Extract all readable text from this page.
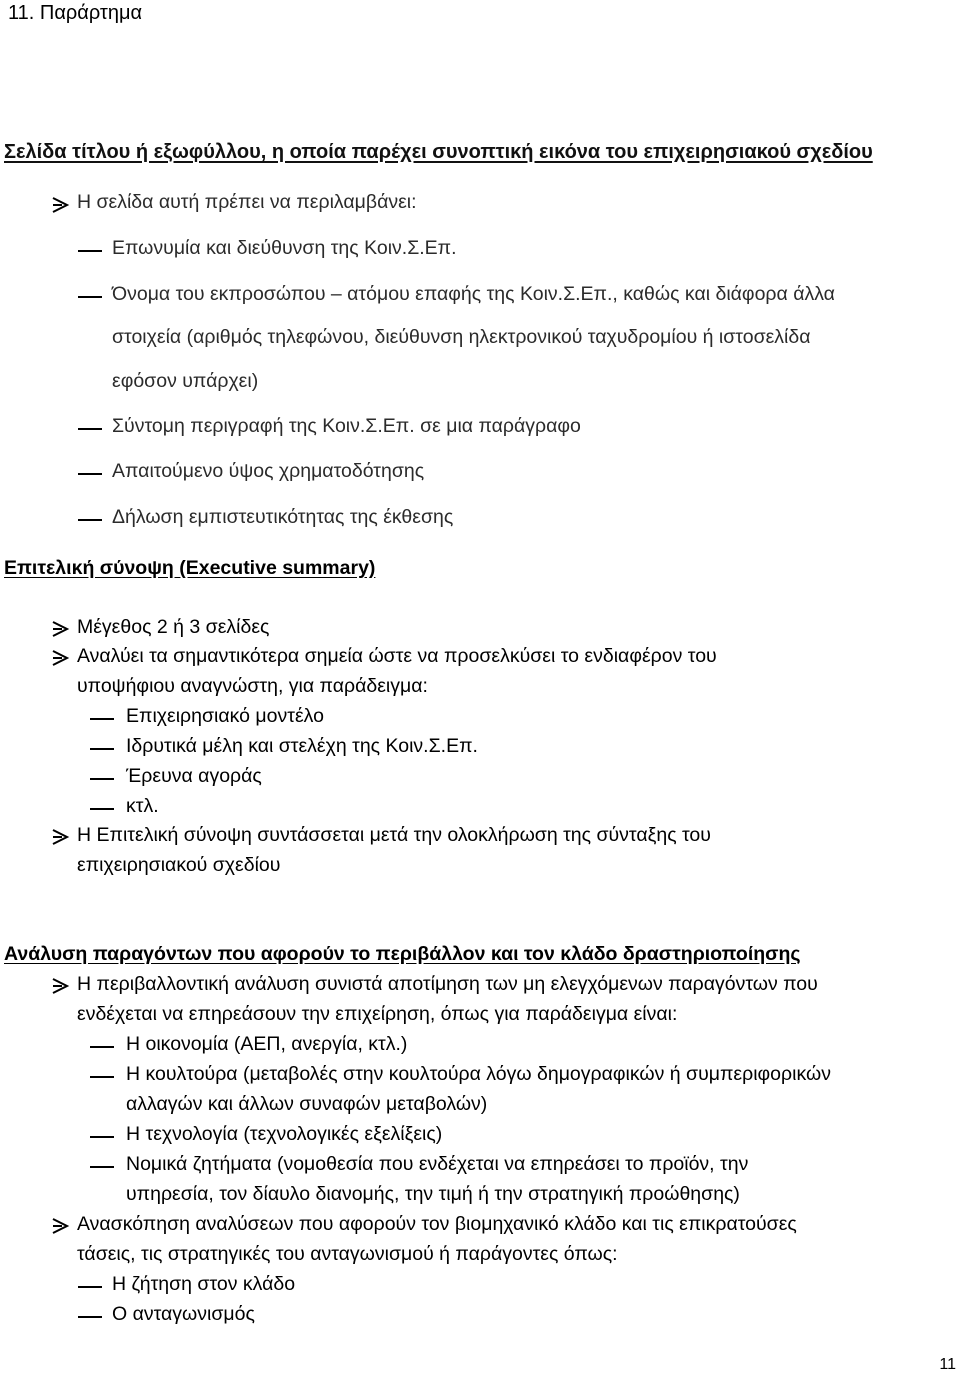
11. Παράρτημα
Σελίδα τίτλου ή εξωφύλλου, η οποία παρέχει συνοπτική εικόνα του επιχειρησιακού σχεδίου
Η σελίδα αυτή πρέπει να περιλαμβάνει:
Επωνυμία και διεύθυνση της Κοιν.Σ.Επ.
Όνομα του εκπροσώπου – ατόμου επαφής της Κοιν.Σ.Επ., καθώς και διάφορα άλλα
στοιχεία (αριθμός τηλεφώνου, διεύθυνση ηλεκτρονικού ταχυδρομίου ή ιστοσελίδα
εφόσον υπάρχει)
Σύντομη περιγραφή της Κοιν.Σ.Επ. σε μια παράγραφο
Απαιτούμενο ύψος χρηματοδότησης
Δήλωση εμπιστευτικότητας της έκθεσης
Επιτελική σύνοψη (Executive summary)
Μέγεθος 2 ή 3 σελίδες
Αναλύει τα σημαντικότερα σημεία ώστε να προσελκύσει το ενδιαφέρον του
υποψήφιου αναγνώστη, για παράδειγμα:
Επιχειρησιακό μοντέλο
Ιδρυτικά μέλη και στελέχη της Κοιν.Σ.Επ.
Έρευνα αγοράς
κτλ.
Η Επιτελική σύνοψη συντάσσεται μετά την ολοκλήρωση της σύνταξης του
επιχειρησιακού σχεδίου
Ανάλυση παραγόντων που αφορούν το περιβάλλον και τον κλάδο δραστηριοποίησης
Η περιβαλλοντική ανάλυση συνιστά αποτίμηση των μη ελεγχόμενων παραγόντων που
ενδέχεται να επηρεάσουν την επιχείρηση, όπως για παράδειγμα είναι:
Η οικονομία (ΑΕΠ, ανεργία, κτλ.)
Η κουλτούρα (μεταβολές στην κουλτούρα λόγω δημογραφικών ή συμπεριφορικών
αλλαγών και άλλων συναφών μεταβολών)
Η τεχνολογία (τεχνολογικές εξελίξεις)
Νομικά ζητήματα (νομοθεσία που ενδέχεται να επηρεάσει το προϊόν, την
υπηρεσία, τον δίαυλο διανομής, την τιμή ή την στρατηγική προώθησης)
Ανασκόπηση αναλύσεων που αφορούν τον βιομηχανικό κλάδο και τις επικρατούσες
τάσεις, τις στρατηγικές του ανταγωνισμού ή παράγοντες όπως:
Η ζήτηση στον κλάδο
Ο ανταγωνισμός
11
